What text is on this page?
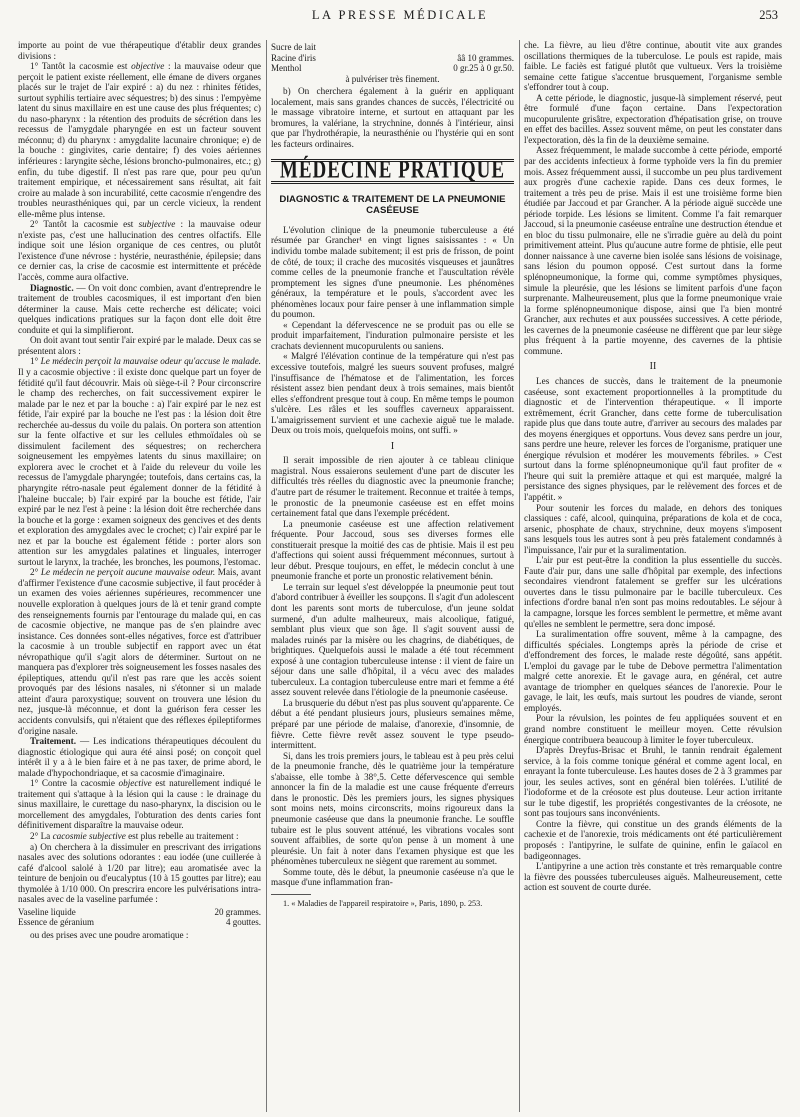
LA PRESSE MÉDICALE	253

importe au point de vue thérapeutique d'établir deux grandes divisions :

1° Tantôt la cacosmie est objective : la mauvaise odeur que perçoit le patient existe réellement, elle émane de divers organes placés sur le trajet de l'air expiré : a) du nez : rhinites fétides, surtout syphilis tertiaire avec séquestres; b) des sinus : l'empyème latent du sinus maxillaire en est une cause des plus fréquentes; c) du naso-pharynx : la rétention des produits de sécrétion dans les recessus de l'amygdale pharyngée en est un facteur souvent méconnu; d) du pharynx : amygdalite lacunaire chronique; e) de la bouche : gingivites, carie dentaire; f) des voies aériennes inférieures : laryngite sèche, lésions broncho-pulmonaires, etc.; g) enfin, du tube digestif. Il n'est pas rare que, pour peu qu'un traitement empirique, et nécessairement sans résultat, ait fait croire au malade à son incurabilité, cette cacosmie n'engendre des troubles neurasthéniques qui, par un cercle vicieux, la rendent elle-même plus intense.

2° Tantôt la cacosmie est subjective : la mauvaise odeur n'existe pas, c'est une hallucination des centres olfactifs. Elle indique soit une lésion organique de ces centres, ou plutôt l'existence d'une névrose : hystérie, neurasthénie, épilepsie; dans ce dernier cas, la crise de cacosmie est intermittente et précède l'accès, comme aura olfactive.

Diagnostic. — On voit donc combien, avant d'entreprendre le traitement de troubles cacosmiques, il est important d'en bien déterminer la cause. Mais cette recherche est délicate; voici quelques indications pratiques sur la façon dont elle doit être conduite et qui la simplifieront.

On doit avant tout sentir l'air expiré par le malade. Deux cas se présentent alors :

1° Le médecin perçoit la mauvaise odeur qu'accuse le malade. Il y a cacosmie objective : il existe donc quelque part un foyer de fétidité qu'il faut découvrir. Mais où siège-t-il ? Pour circonscrire le champ des recherches, on fait successivement expirer le malade par le nez et par la bouche : a) l'air expiré par le nez est fétide, l'air expiré par la bouche ne l'est pas : la lésion doit être recherchée au-dessus du voile du palais. On portera son attention sur la fente olfactive et sur les cellules ethmoïdales où se dissimulent facilement des séquestres; on recherchera soigneusement les empyèmes latents du sinus maxillaire; on explorera avec le crochet et à l'aide du releveur du voile les recessus de l'amygdale pharyngée; toutefois, dans certains cas, la pharyngite rétro-nasale peut également donner de la fétidité à l'haleine buccale; b) l'air expiré par la bouche est fétide, l'air expiré par le nez l'est à peine : la lésion doit être recherchée dans la bouche et la gorge : examen soigneux des gencives et des dents et exploration des amygdales avec le crochet; c) l'air expiré par le nez et par la bouche est également fétide : porter alors son attention sur les amygdales palatines et linguales, interroger surtout le larynx, la trachée, les bronches, les poumons, l'estomac.

2° Le médecin ne perçoit aucune mauvaise odeur. Mais, avant d'affirmer l'existence d'une cacosmie subjective, il faut procéder à un examen des voies aériennes supérieures, recommencer une nouvelle exploration à quelques jours de là et tenir grand compte des renseignements fournis par l'entourage du malade qui, en cas de cacosmie objective, ne manque pas de s'en plaindre avec insistance. Ces données sont-elles négatives, force est d'attribuer la cacosmie à un trouble subjectif en rapport avec un état névropathique qu'il s'agit alors de déterminer. Surtout on ne manquera pas d'explorer très soigneusement les fosses nasales des épileptiques, attendu qu'il n'est pas rare que les accès soient provoqués par des lésions nasales, ni s'étonner si un malade atteint d'aura paroxystique; souvent on trouvera une lésion du nez, jusque-là méconnue, et dont la guérison fera cesser les accidents convulsifs, qui n'étaient que des réflexes épileptiformes d'origine nasale.

Traitement. — Les indications thérapeutiques découlent du diagnostic étiologique qui aura été ainsi posé; on conçoit quel intérêt il y a à le bien faire et à ne pas taxer, de prime abord, le malade d'hypochondriaque, et sa cacosmie d'imaginaire.

1° Contre la cacosmie objective est naturellement indiqué le traitement qui s'attaque à la lésion qui la cause : le drainage du sinus maxillaire, le curettage du naso-pharynx, la discision ou le morcellement des amygdales, l'obturation des dents caries font définitivement disparaître la mauvaise odeur.

2° La cacosmie subjective est plus rebelle au traitement :

a) On cherchera à la dissimuler en prescrivant des irrigations nasales avec des solutions odorantes : eau iodée (une cuillerée à café d'alcool salolé à 1/20 par litre); eau aromatisée avec la teinture de benjoin ou d'eucalyptus (10 à 15 gouttes par litre); eau thymolée à 1/10 000. On prescrira encore les pulvérisations intra-nasales avec de la vaseline parfumée :

Vaseline liquide	20 grammes.
Essence de géranium	4 gouttes.

ou des prises avec une poudre aromatique :

Sucre de lait	
Racine d'iris	ââ 10 grammes.
Menthol	0 gr.25 à 0 gr.50.
à pulvériser très finement.

b) On cherchera également à la guérir en appliquant localement, mais sans grandes chances de succès, l'électricité ou le massage vibratoire interne, et surtout en attaquant par les bromures, la valériane, la strychnine, donnés à l'intérieur, ainsi que par l'hydrothérapie, la neurasthénie ou l'hystérie qui en sont les facteurs ordinaires.

MÉDECINE PRATIQUE
DIAGNOSTIC & TRAITEMENT DE LA PNEUMONIE
CASÉEUSE

L'évolution clinique de la pneumonie tuberculeuse a été résumée par Grancher¹ en vingt lignes saisissantes : « Un individu tombe malade subitement; il est pris de frisson, de point de côté, de toux; il crache des mucosités visqueuses et jaunâtres comme celles de la pneumonie franche et l'auscultation révèle promptement les signes d'une pneumonie. Les phénomènes généraux, la température et le pouls, s'accordent avec les phénomènes locaux pour faire penser à une inflammation simple du poumon.

« Cependant la défervescence ne se produit pas ou elle se produit imparfaitement, l'induration pulmonaire persiste et les crachats deviennent mucopurulents ou saniens.

« Malgré l'élévation continue de la température qui n'est pas excessive toutefois, malgré les sueurs souvent profuses, malgré l'insuffisance de l'hématose et de l'alimentation, les forces résistent assez bien pendant deux à trois semaines, mais bientôt elles s'effondrent presque tout à coup. En même temps le poumon s'ulcère. Les râles et les souffles caverneux apparaissent. L'amaigrissement survient et une cachexie aiguë tue le malade. Deux ou trois mois, quelquefois moins, ont suffi. »

I

Il serait impossible de rien ajouter à ce tableau clinique magistral. Nous essaierons seulement d'une part de discuter les difficultés très réelles du diagnostic avec la pneumonie franche; d'autre part de résumer le traitement. Reconnue et traitée à temps, le pronostic de la pneumonie caséeuse est en effet moins certainement fatal que dans l'exemple précédent.

La pneumonie caséeuse est une affection relativement fréquente. Pour Jaccoud, sous ses diverses formes elle constituerait presque la moitié des cas de phtisie. Mais il est peu d'affections qui soient aussi fréquemment méconnues, surtout à leur début. Presque toujours, en effet, le médecin conclut à une pneumonie franche et porte un pronostic relativement bénin.

Le terrain sur lequel s'est développée la pneumonie peut tout d'abord contribuer à éveiller les soupçons. Il s'agit d'un adolescent dont les parents sont morts de tuberculose, d'un jeune soldat surmené, d'un adulte malheureux, mais alcoolique, fatigué, semblant plus vieux que son âge. Il s'agit souvent aussi de malades ruinés par la misère ou les chagrins, de diabétiques, de brightiques. Quelquefois aussi le malade a été tout récemment exposé à une contagion tuberculeuse intense : il vient de faire un séjour dans une salle d'hôpital, il a vécu avec des malades tuberculeux. La contagion tuberculeuse entre mari et femme a été assez souvent relevée dans l'étiologie de la pneumonie caséeuse.

La brusquerie du début n'est pas plus souvent qu'apparente. Ce début a été pendant plusieurs jours, plusieurs semaines même, préparé par une période de malaise, d'anorexie, d'insomnie, de fièvre. Cette fièvre revêt assez souvent le type pseudo-intermittent.

Si, dans les trois premiers jours, le tableau est à peu près celui de la pneumonie franche, dès le quatrième jour la température s'abaisse, elle tombe à 38°,5. Cette défervescence qui semble annoncer la fin de la maladie est une cause fréquente d'erreurs dans le pronostic. Dès les premiers jours, les signes physiques sont moins nets, moins circonscrits, moins rigoureux dans la pneumonie caséeuse que dans la pneumonie franche. Le souffle tubaire est le plus souvent atténué, les vibrations vocales sont souvent affaiblies, de sorte qu'on pense à un moment à une pleurésie. Un fait à noter dans l'examen physique est que les phénomènes tuberculeux ne siègent que rarement au sommet.

Somme toute, dès le début, la pneumonie caséeuse n'a que le masque d'une inflammation fran-

1. « Maladies de l'appareil respiratoire », Paris, 1890, p. 253.

che. La fièvre, au lieu d'être continue, aboutit vite aux grandes oscillations thermiques de la tuberculose. Le pouls est rapide, mais faible. Le faciès est fatigué plutôt que vultueux. Vers la troisième semaine cette fatigue s'accentue brusquement, l'organisme semble s'effondrer tout à coup.

A cette période, le diagnostic, jusque-là simplement réservé, peut être formulé d'une façon certaine. Dans l'expectoration mucopurulente grisâtre, expectoration d'hépatisation grise, on trouve en effet des bacilles. Assez souvent même, on peut les constater dans l'expectoration, dès la fin de la deuxième semaine.

Assez fréquemment, le malade succombe à cette période, emporté par des accidents infectieux à forme typhoïde vers la fin du premier mois. Assez fréquemment aussi, il succombe un peu plus tardivement aux progrès d'une cachexie rapide. Dans ces deux formes, le traitement a très peu de prise. Mais il est une troisième forme bien étudiée par Jaccoud et par Grancher. A la période aiguë succède une période torpide. Les lésions se limitent. Comme l'a fait remarquer Jaccoud, si la pneumonie caséeuse entraîne une destruction étendue et en bloc du tissu pulmonaire, elle ne s'irradie guère au delà du point primitivement atteint. Plus qu'aucune autre forme de phtisie, elle peut donner naissance à une caverne bien isolée sans lésions de voisinage, sans lésion du poumon opposé. C'est surtout dans la forme splénopneumonique, la forme qui, comme symptômes physiques, simule la pleurésie, que les lésions se limitent parfois d'une façon surprenante. Malheureusement, plus que la forme pneumonique vraie la forme splénopneumonique dispose, ainsi que l'a bien montré Grancher, aux rechutes et aux poussées successives. A cette période, les cavernes de la pneumonie caséeuse ne diffèrent que par leur siège plus fréquent à la partie moyenne, des cavernes de la phtisie commune.

II

Les chances de succès, dans le traitement de la pneumonie caséeuse, sont exactement proportionnelles à la promptitude du diagnostic et de l'intervention thérapeutique. « Il importe extrêmement, écrit Grancher, dans cette forme de tuberculisation rapide plus que dans toute autre, d'arriver au secours des malades par des moyens énergiques et opportuns. Vous devez sans perdre un jour, sans perdre une heure, relever les forces de l'organisme, pratiquer une énergique révulsion et modérer les mouvements fébriles. » C'est surtout dans la forme splénopneumonique qu'il faut profiter de « l'heure qui suit la première attaque et qui est marquée, malgré la persistance des signes physiques, par le relèvement des forces et de l'appétit. »

Pour soutenir les forces du malade, en dehors des toniques classiques : café, alcool, quinquina, préparations de kola et de coca, arsenic, phosphate de chaux, strychnine, deux moyens s'imposent sans lesquels tous les autres sont à peu près fatalement condamnés à l'impuissance, l'air pur et la suralimentation.

L'air pur est peut-être la condition la plus essentielle du succès. Faute d'air pur, dans une salle d'hôpital par exemple, des infections secondaires viendront fatalement se greffer sur les ulcérations ouvertes dans le tissu pulmonaire par le bacille tuberculeux. Ces infections d'ordre banal n'en sont pas moins redoutables. Le séjour à la campagne, lorsque les forces semblent le permettre, et même avant qu'elles ne semblent le permettre, sera donc imposé.

La suralimentation offre souvent, même à la campagne, des difficultés spéciales. Longtemps après la période de crise et d'effondrement des forces, le malade reste dégoûté, sans appétit. L'emploi du gavage par le tube de Debove permettra l'alimentation malgré cette anorexie. Et le gavage aura, en général, cet autre avantage de triompher en quelques séances de l'anorexie. Pour le gavage, le lait, les œufs, mais surtout les poudres de viande, seront employés.

Pour la révulsion, les pointes de feu appliquées souvent et en grand nombre constituent le meilleur moyen. Cette révulsion énergique contribuera beaucoup à limiter le foyer tuberculeux.

D'après Dreyfus-Brisac et Bruhl, le tannin rendrait également service, à la fois comme tonique général et comme agent local, en enrayant la fonte tuberculeuse. Les hautes doses de 2 à 3 grammes par jour, les seules actives, sont en général bien tolérées. L'utilité de l'iodoforme et de la créosote est plus douteuse. Leur action irritante sur le tube digestif, les propriétés congestivantes de la créosote, ne sont pas toujours sans inconvénients.

Contre la fièvre, qui constitue un des grands éléments de la cachexie et de l'anorexie, trois médicaments ont été particulièrement proposés : l'antipyrine, le sulfate de quinine, enfin le gaïacol en badigeonnages.

L'antipyrine a une action très constante et très remarquable contre la fièvre des poussées tuberculeuses aiguës. Malheureusement, cette action est souvent de courte durée.
